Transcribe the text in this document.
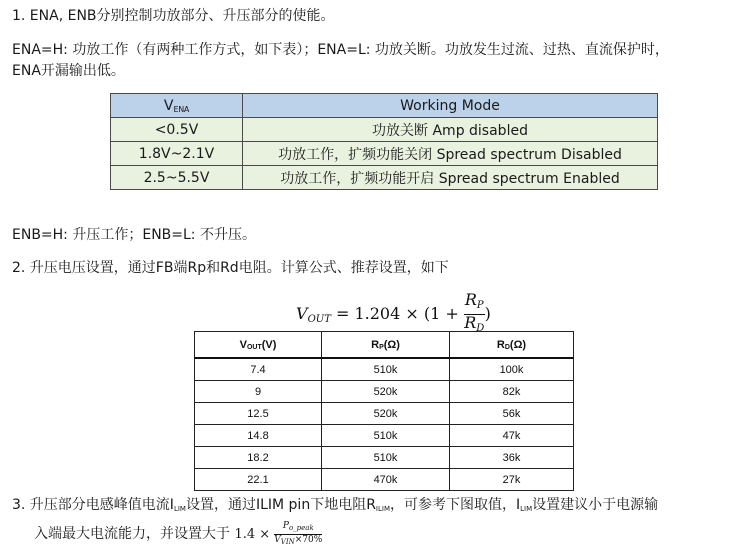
1. ENA, ENB分别控制功放部分、升压部分的使能。
ENA=H: 功放工作（有两种工作方式，如下表）；ENA=L: 功放关断。功放发生过流、过热、直流保护时，
ENA开漏输出低。
$V_{ENA}$	Working Mode
<0.5V	功放关断 Amp disabled
1.8V~2.1V	功放工作，扩频功能关闭 Spread spectrum Disabled
2.5~5.5V	功放工作，扩频功能开启 Spread spectrum Enabled
ENB=H: 升压工作；ENB=L: 不升压。
2. 升压电压设置，通过FB端Rp和Rd电阻。计算公式、推荐设置，如下
VOUT = $1.204 \times (1 + \frac{RP}{RD}$ )
VOUT(V)	RP(Ω)	RD(Ω)
7.4	510k	100k
9	520k	82k
12.5	520k	56k
14.8	510k	47k
18.2	510k	36k
22.1	470k	27k
3. 升压部分电感峰值电流ILIM设置，通过ILIM pin下地电阻RILIM，可参考下图取值，ILIM设置建议小于电源输
入端最大电流能力，并设置大于 $1.4 \times \frac{P_{o\_peak}}{V_{VIN}\times 70\%}$
